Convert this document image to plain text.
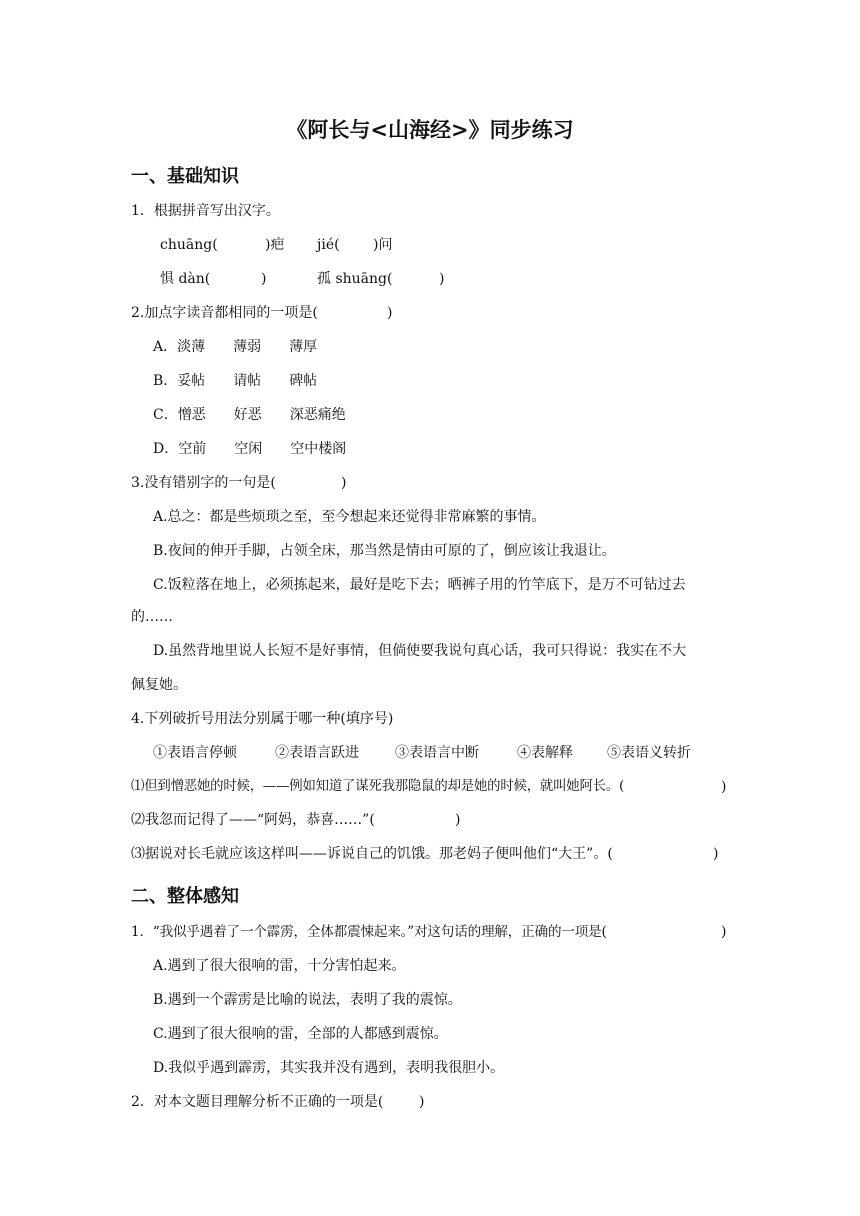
《阿长与<山海经>》同步练习
一、基础知识
1．根据拼音写出汉字。
chuāng(	)疤 jié( )问
惧 dàn(	)	孤 shuāng(	)
2.加点字读音都相同的一项是(	)
A．淡薄　　薄弱　　薄厚
B．妥帖　　请帖　　碑帖
C．憎恶　　好恶　　深恶痛绝
D．空前　　空闲　　空中楼阁
3.没有错别字的一句是(	)
A.总之：都是些烦琐之至，至今想起来还觉得非常麻繁的事情。
B.夜间的伸开手脚，占领全床，那当然是情由可原的了，倒应该让我退让。
C.饭粒落在地上，必须拣起来，最好是吃下去；晒裤子用的竹竿底下，是万不可钻过去
的……
D.虽然背地里说人长短不是好事情，但倘使要我说句真心话，我可只得说：我实在不大
佩复她。
4.下列破折号用法分别属于哪一种(填序号)
①表语言停顿	②表语言跃进	③表语言中断	④表解释 ⑤表语义转折
⑴但到憎恶她的时候，——例如知道了谋死我那隐鼠的却是她的时候，就叫她阿长。(	)
⑵我忽而记得了——“阿妈，恭喜……”(	)
⑶据说对长毛就应该这样叫——诉说自己的饥饿。那老妈子便叫他们“大王”。(	)
二、整体感知
1．“我似乎遇着了一个霹雳，全体都震悚起来。”对这句话的理解，正确的一项是(	)
A.遇到了很大很响的雷，十分害怕起来。
B.遇到一个霹雳是比喻的说法，表明了我的震惊。
C.遇到了很大很响的雷，全部的人都感到震惊。
D.我似乎遇到霹雳，其实我并没有遇到，表明我很胆小。
2．对本文题目理解分析不正确的一项是(	)
